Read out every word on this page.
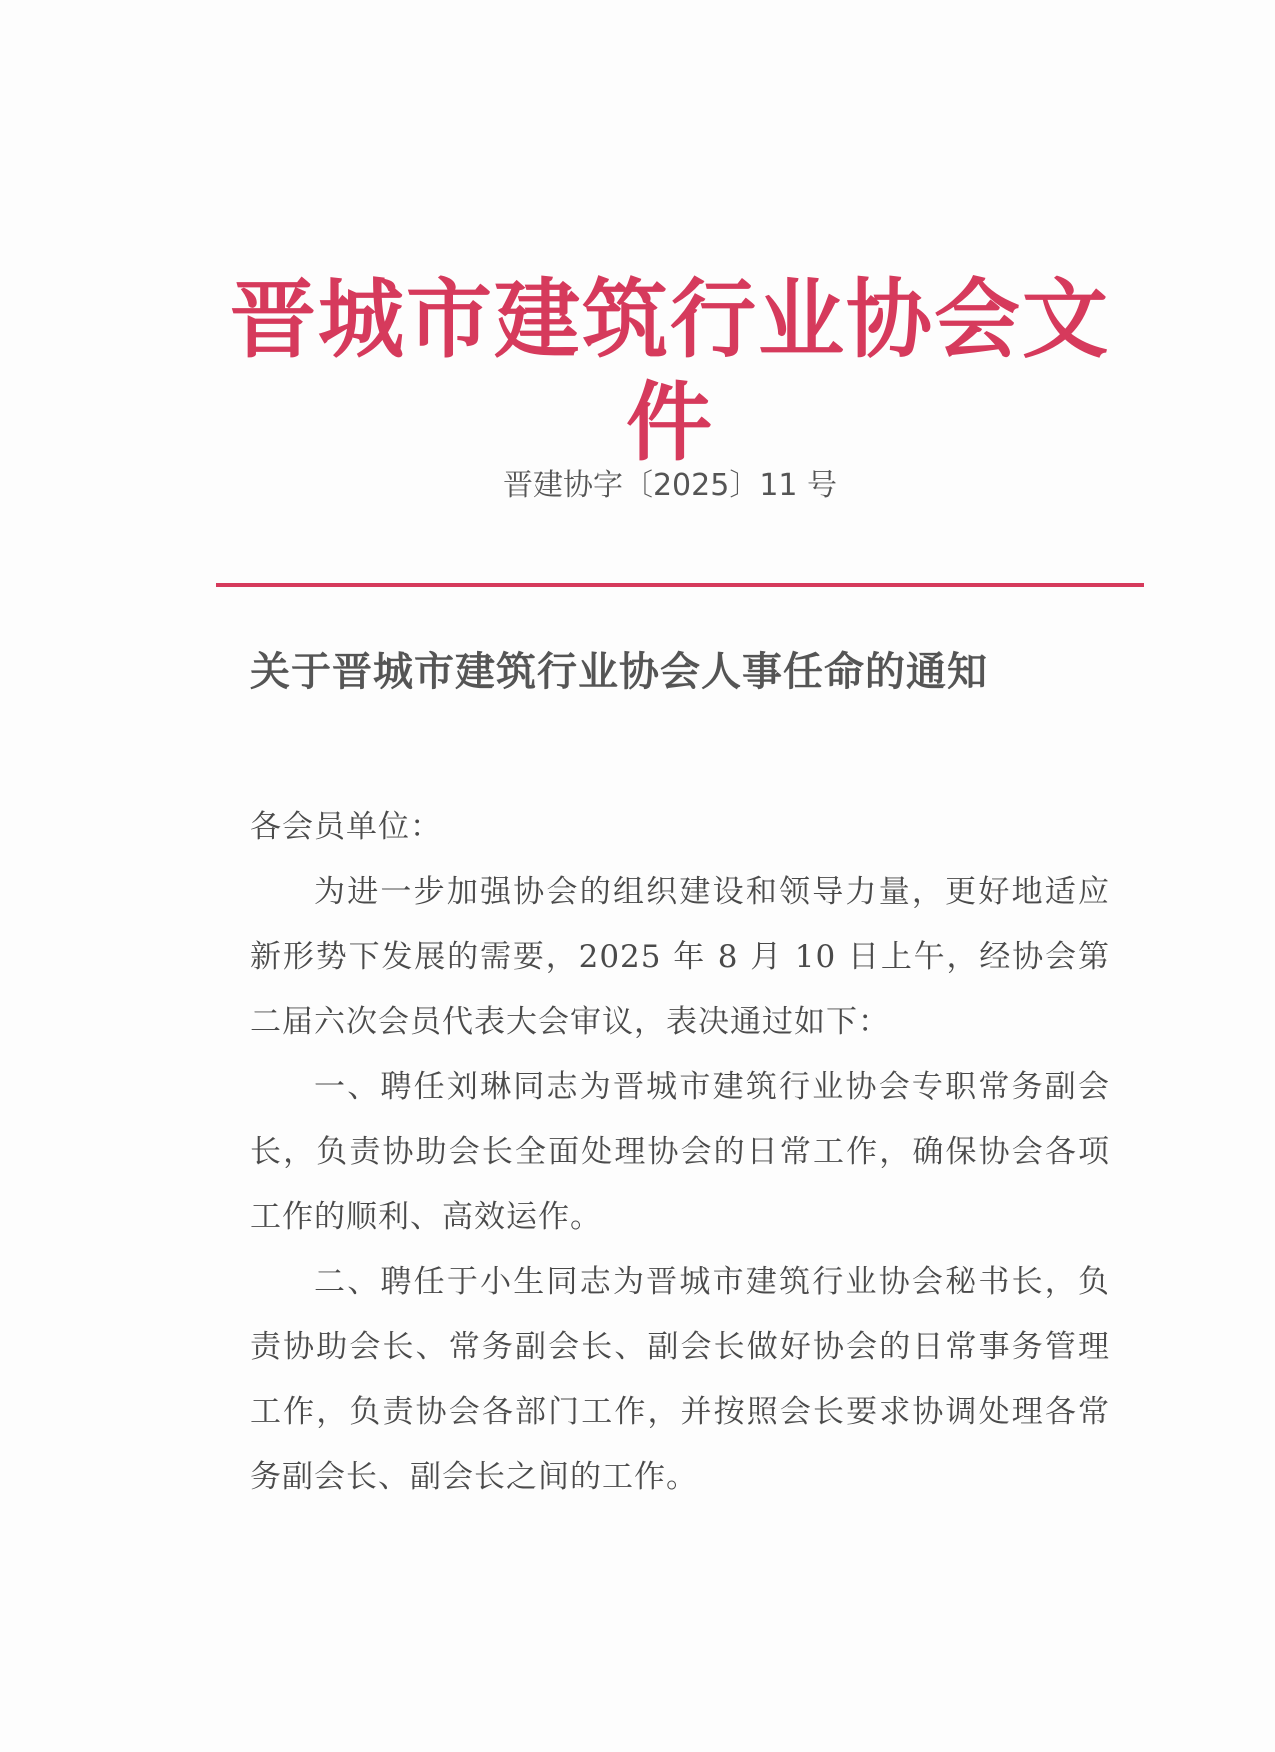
晋城市建筑行业协会文件
晋建协字〔2025〕11 号
关于晋城市建筑行业协会人事任命的通知

各会员单位：

为进一步加强协会的组织建设和领导力量，更好地适应新形势下发展的需要，2025 年 8 月 10 日上午，经协会第二届六次会员代表大会审议，表决通过如下：

一、聘任刘琳同志为晋城市建筑行业协会专职常务副会长，负责协助会长全面处理协会的日常工作，确保协会各项工作的顺利、高效运作。

二、聘任于小生同志为晋城市建筑行业协会秘书长，负责协助会长、常务副会长、副会长做好协会的日常事务管理工作，负责协会各部门工作，并按照会长要求协调处理各常务副会长、副会长之间的工作。
